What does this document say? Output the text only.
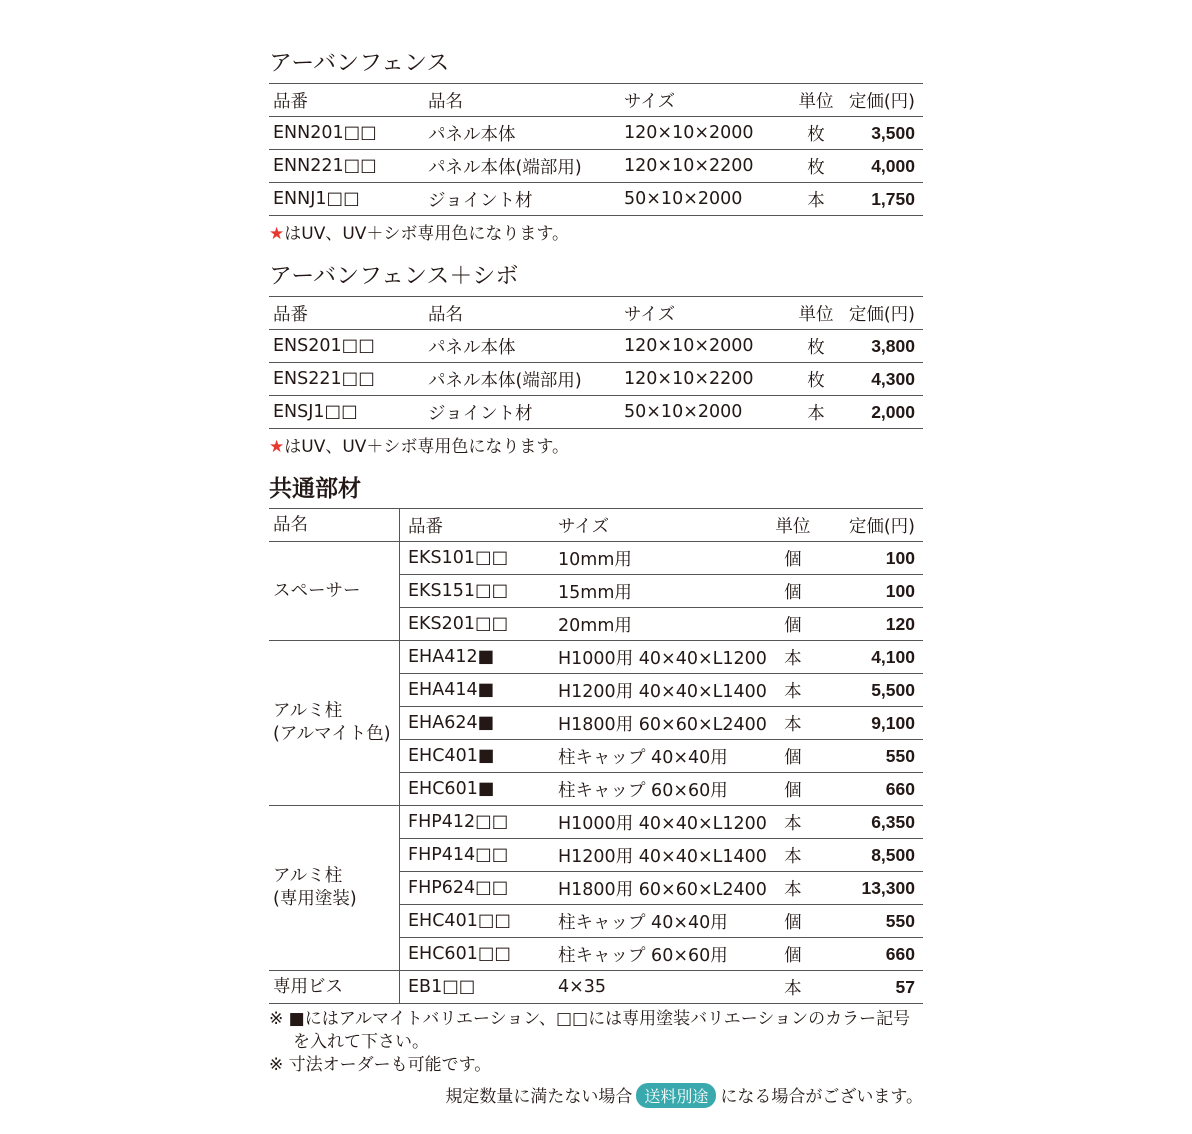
アーバンフェンス
品番	品名	サイズ	単位	定価(円)
ENN201□□	パネル本体	120×10×2000	枚	3,500
ENN221□□	パネル本体(端部用)	120×10×2200	枚	4,000
ENNJ1□□	ジョイント材	50×10×2000	本	1,750
★はUV、UV＋シボ専用色になります。
アーバンフェンス＋シボ
品番	品名	サイズ	単位	定価(円)
ENS201□□	パネル本体	120×10×2000	枚	3,800
ENS221□□	パネル本体(端部用)	120×10×2200	枚	4,300
ENSJ1□□	ジョイント材	50×10×2000	本	2,000
★はUV、UV＋シボ専用色になります。
共通部材
品名	品番	サイズ	単位	定価(円)
スペーサー	EKS101□□	10mm用	個	100
	EKS151□□	15mm用	個	100
	EKS201□□	20mm用	個	120
アルミ柱
(アルマイト色)	EHA412■	H1000用 40×40×L1200	本	4,100
	EHA414■	H1200用 40×40×L1400	本	5,500
	EHA624■	H1800用 60×60×L2400	本	9,100
	EHC401■	柱キャップ 40×40用	個	550
	EHC601■	柱キャップ 60×60用	個	660
アルミ柱
(専用塗装)	FHP412□□	H1000用 40×40×L1200	本	6,350
	FHP414□□	H1200用 40×40×L1400	本	8,500
	FHP624□□	H1800用 60×60×L2400	本	13,300
	EHC401□□	柱キャップ 40×40用	個	550
	EHC601□□	柱キャップ 60×60用	個	660
専用ビス	EB1□□	4×35	本	57
※ ■にはアルマイトバリエーション、□□には専用塗装バリエーションのカラー記号
を入れて下さい。
※ 寸法オーダーも可能です。
規定数量に満たない場合 送料別途 になる場合がございます。
